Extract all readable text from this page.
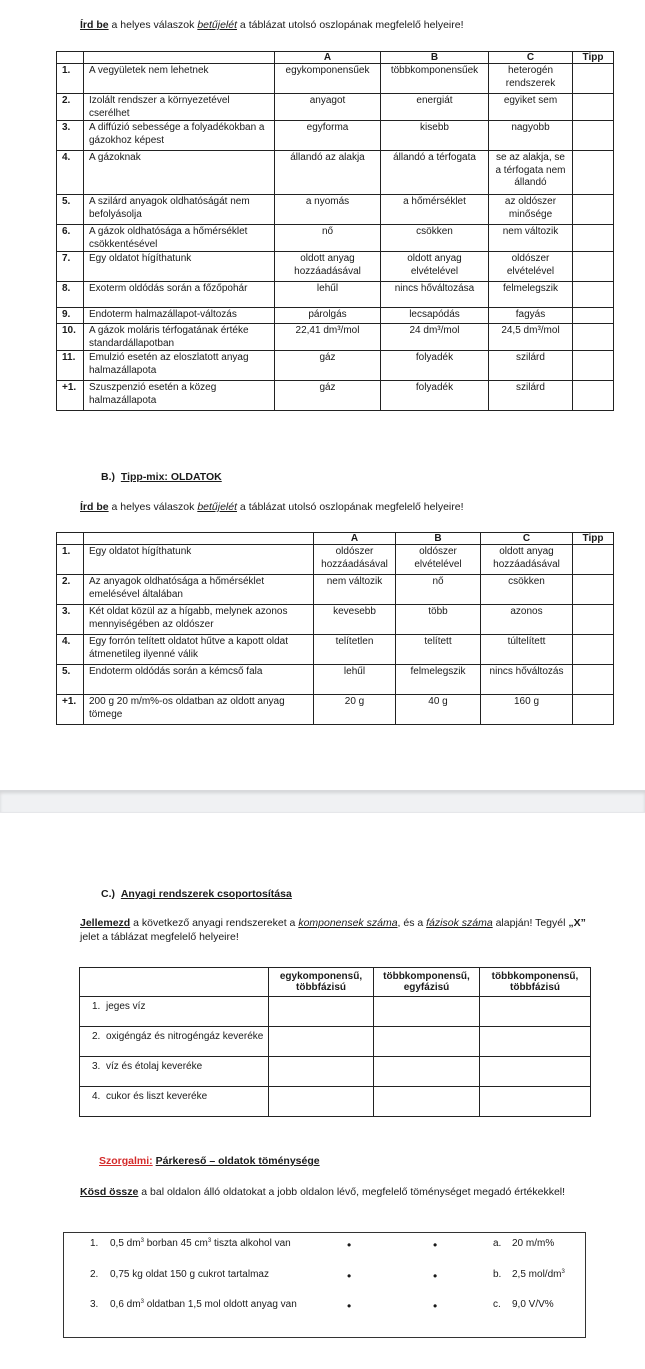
Írd be a helyes válaszok betűjelét a táblázat utolsó oszlopának megfelelő helyeire!
		A	B	C	Tipp
1.	A vegyületek nem lehetnek	egykomponensűek	többkomponensűek	heterogén rendszerek	
2.	Izolált rendszer a környezetével cserélhet	anyagot	energiát	egyiket sem	
3.	A diffúzió sebessége a folyadékokban a gázokhoz képest	egyforma	kisebb	nagyobb	
4.	A gázoknak	állandó az alakja	állandó a térfogata	se az alakja, se a térfogata nem állandó	
5.	A szilárd anyagok oldhatóságát nem befolyásolja	a nyomás	a hőmérséklet	az oldószer minősége	
6.	A gázok oldhatósága a hőmérséklet csökkentésével	nő	csökken	nem változik	
7.	Egy oldatot hígíthatunk	oldott anyag hozzáadásával	oldott anyag elvételével	oldószer elvételével	
8.	Exoterm oldódás során a főzőpohár	lehűl	nincs hőváltozása	felmelegszik	
9.	Endoterm halmazállapot-változás	párolgás	lecsapódás	fagyás	
10.	A gázok moláris térfogatának értéke standardállapotban	22,41 dm³/mol	24 dm³/mol	24,5 dm³/mol	
11.	Emulzió esetén az eloszlatott anyag halmazállapota	gáz	folyadék	szilárd	
+1.	Szuszpenzió esetén a közeg halmazállapota	gáz	folyadék	szilárd	
B.) Tipp-mix: OLDATOK
Írd be a helyes válaszok betűjelét a táblázat utolsó oszlopának megfelelő helyeire!
		A	B	C	Tipp
1.	Egy oldatot hígíthatunk	oldószer hozzáadásával	oldószer elvételével	oldott anyag hozzáadásával	
2.	Az anyagok oldhatósága a hőmérséklet emelésével általában	nem változik	nő	csökken	
3.	Két oldat közül az a hígabb, melynek azonos mennyiségében az oldószer	kevesebb	több	azonos	
4.	Egy forrón telített oldatot hűtve a kapott oldat átmenetileg ilyenné válik	telítetlen	telített	túltelített	
5.	Endoterm oldódás során a kémcső fala	lehűl	felmelegszik	nincs hőváltozás	
+1.	200 g 20 m/m%-os oldatban az oldott anyag tömege	20 g	40 g	160 g	
C.) Anyagi rendszerek csoportosítása
Jellemezd a következő anyagi rendszereket a komponensek száma, és a fázisok száma alapján! Tegyél „X” jelet a táblázat megfelelő helyeire!
	egykomponensű, többfázisú	többkomponensű, egyfázisú	többkomponensű, többfázisú
1. jeges víz			
2. oxigéngáz és nitrogéngáz keveréke			
3. víz és étolaj keveréke			
4. cukor és liszt keveréke			
Szorgalmi: Párkereső – oldatok töménysége
Kösd össze a bal oldalon álló oldatokat a jobb oldalon lévő, megfelelő töménységet megadó értékekkel!
1. 0,5 $dm^3$ borban 45 $cm^3$ tiszta alkohol van	•	•	a. 20 m/m%
2. 0,75 kg oldat 150 g cukrot tartalmaz	•	•	b. 2,5 mol/$dm^3$
3. 0,6 $dm^3$ oldatban 1,5 mol oldott anyag van	•	•	c. 9,0 V/V%
